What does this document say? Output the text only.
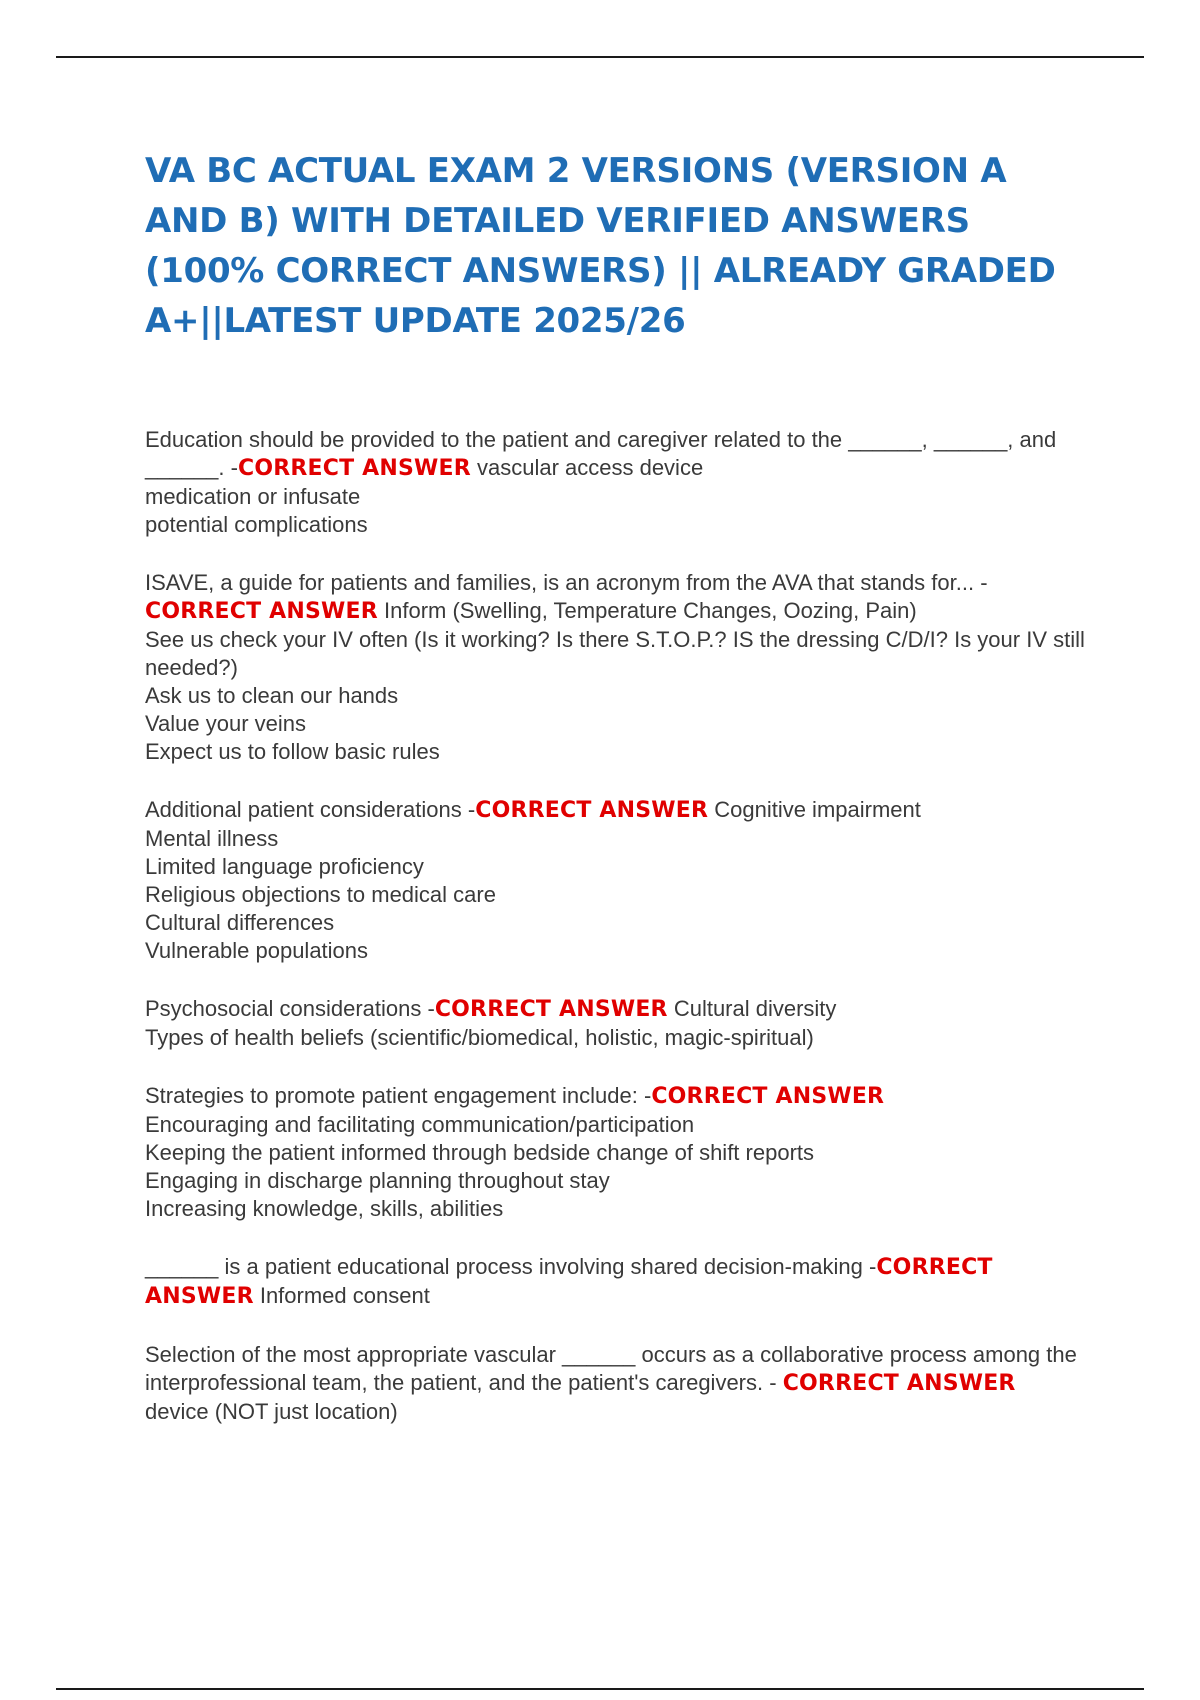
VA BC ACTUAL EXAM 2 VERSIONS (VERSION A AND B) WITH DETAILED VERIFIED ANSWERS (100% CORRECT ANSWERS) || ALREADY GRADED A+||LATEST UPDATE 2025/26
Education should be provided to the patient and caregiver related to the ______, ______, and ______. -CORRECT ANSWER vascular access device
medication or infusate
potential complications
ISAVE, a guide for patients and families, is an acronym from the AVA that stands for... - CORRECT ANSWER Inform (Swelling, Temperature Changes, Oozing, Pain)
See us check your IV often (Is it working? Is there S.T.O.P.? IS the dressing C/D/I? Is your IV still needed?)
Ask us to clean our hands
Value your veins
Expect us to follow basic rules
Additional patient considerations -CORRECT ANSWER Cognitive impairment
Mental illness
Limited language proficiency
Religious objections to medical care
Cultural differences
Vulnerable populations
Psychosocial considerations -CORRECT ANSWER Cultural diversity
Types of health beliefs (scientific/biomedical, holistic, magic-spiritual)
Strategies to promote patient engagement include: -CORRECT ANSWER
Encouraging and facilitating communication/participation
Keeping the patient informed through bedside change of shift reports
Engaging in discharge planning throughout stay
Increasing knowledge, skills, abilities
______ is a patient educational process involving shared decision-making -CORRECT ANSWER Informed consent
Selection of the most appropriate vascular ______ occurs as a collaborative process among the interprofessional team, the patient, and the patient's caregivers. - CORRECT ANSWER device (NOT just location)
